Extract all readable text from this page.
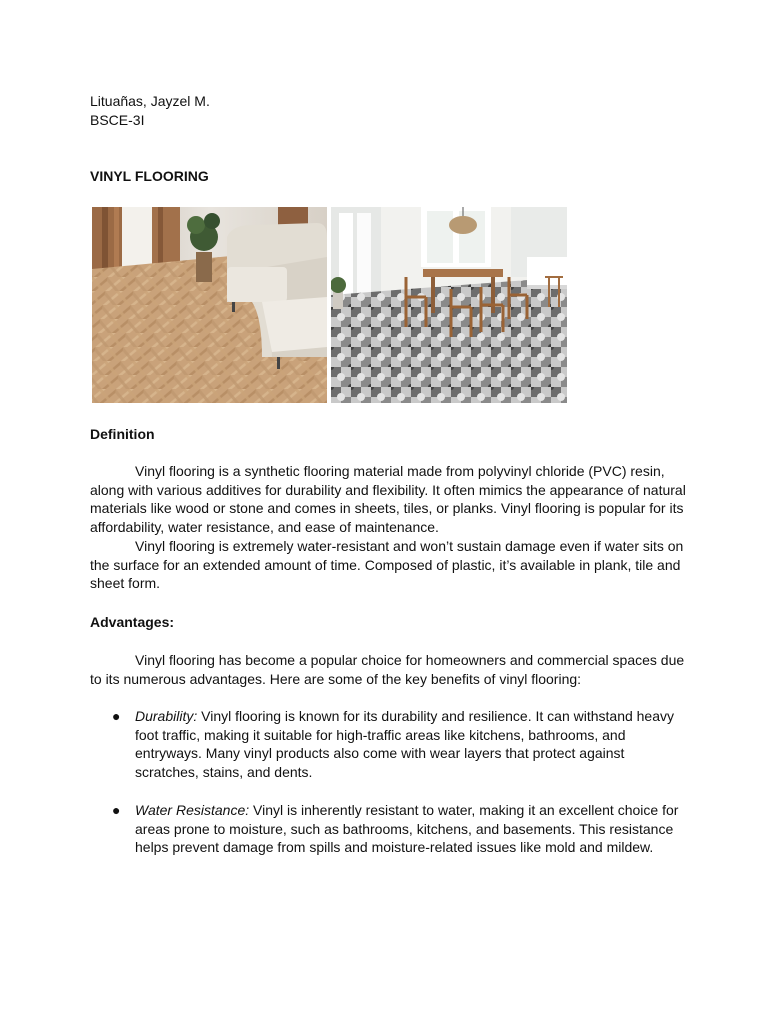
Lituañas, Jayzel M.
BSCE-3I
VINYL FLOORING
Definition
Vinyl flooring is a synthetic flooring material made from polyvinyl chloride (PVC) resin, along with various additives for durability and flexibility. It often mimics the appearance of natural materials like wood or stone and comes in sheets, tiles, or planks. Vinyl flooring is popular for its affordability, water resistance, and ease of maintenance.
Vinyl flooring is extremely water-resistant and won’t sustain damage even if water sits on the surface for an extended amount of time. Composed of plastic, it’s available in plank, tile and sheet form.
Advantages:
Vinyl flooring has become a popular choice for homeowners and commercial spaces due to its numerous advantages. Here are some of the key benefits of vinyl flooring:
● Durability: Vinyl flooring is known for its durability and resilience. It can withstand heavy foot traffic, making it suitable for high-traffic areas like kitchens, bathrooms, and entryways. Many vinyl products also come with wear layers that protect against scratches, stains, and dents.
● Water Resistance: Vinyl is inherently resistant to water, making it an excellent choice for areas prone to moisture, such as bathrooms, kitchens, and basements. This resistance helps prevent damage from spills and moisture-related issues like mold and mildew.
